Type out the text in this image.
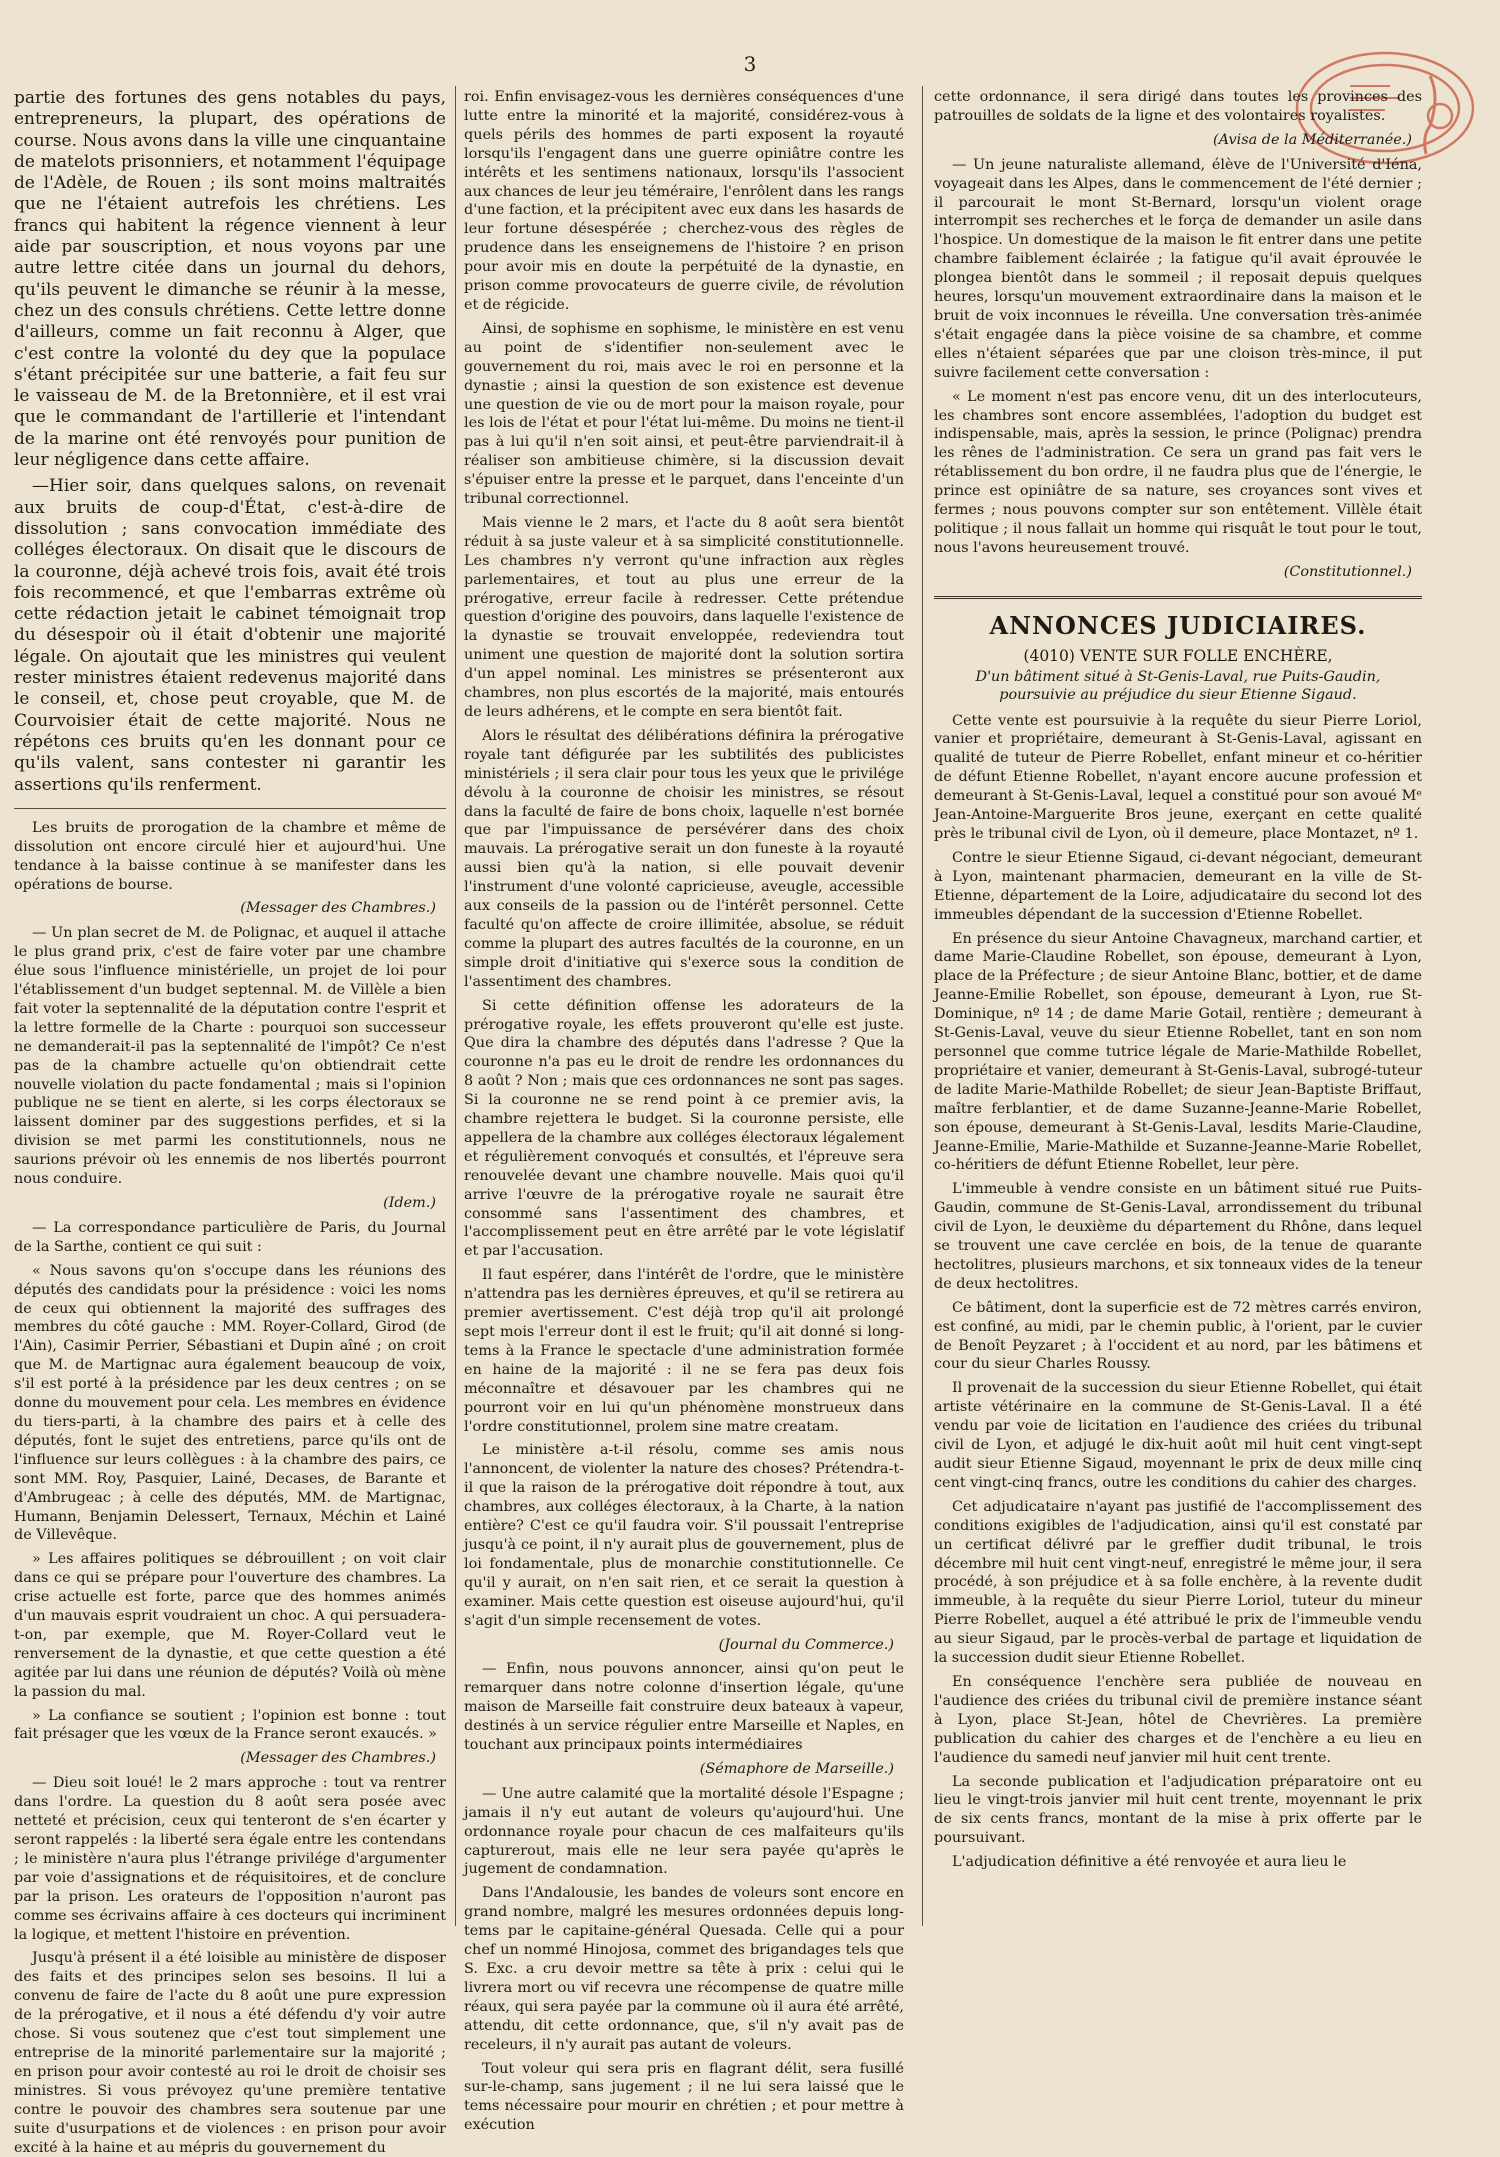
3

partie des fortunes des gens notables du pays, entrepreneurs, la plupart, des opérations de course. Nous avons dans la ville une cinquantaine de matelots prisonniers, et notamment l'équipage de l'Adèle, de Rouen ; ils sont moins maltraités que ne l'étaient autrefois les chrétiens. Les francs qui habitent la régence viennent à leur aide par souscription, et nous voyons par une autre lettre citée dans un journal du dehors, qu'ils peuvent le dimanche se réunir à la messe, chez un des consuls chrétiens. Cette lettre donne d'ailleurs, comme un fait reconnu à Alger, que c'est contre la volonté du dey que la populace s'étant précipitée sur une batterie, a fait feu sur le vaisseau de M. de la Bretonnière, et il est vrai que le commandant de l'artillerie et l'intendant de la marine ont été renvoyés pour punition de leur négligence dans cette affaire.

—Hier soir, dans quelques salons, on revenait aux bruits de coup-d'État, c'est-à-dire de dissolution ; sans convocation immédiate des colléges électoraux. On disait que le discours de la couronne, déjà achevé trois fois, avait été trois fois recommencé, et que l'embarras extrême où cette rédaction jetait le cabinet témoignait trop du désespoir où il était d'obtenir une majorité légale. On ajoutait que les ministres qui veulent rester ministres étaient redevenus majorité dans le conseil, et, chose peut croyable, que M. de Courvoisier était de cette majorité. Nous ne répétons ces bruits qu'en les donnant pour ce qu'ils valent, sans contester ni garantir les assertions qu'ils renferment.

Les bruits de prorogation de la chambre et même de dissolution ont encore circulé hier et aujourd'hui. Une tendance à la baisse continue à se manifester dans les opérations de bourse.

(Messager des Chambres.)

— Un plan secret de M. de Polignac, et auquel il attache le plus grand prix, c'est de faire voter par une chambre élue sous l'influence ministérielle, un projet de loi pour l'établissement d'un budget septennal. M. de Villèle a bien fait voter la septennalité de la députation contre l'esprit et la lettre formelle de la Charte : pourquoi son successeur ne demanderait-il pas la septennalité de l'impôt? Ce n'est pas de la chambre actuelle qu'on obtiendrait cette nouvelle violation du pacte fondamental ; mais si l'opinion publique ne se tient en alerte, si les corps électoraux se laissent dominer par des suggestions perfides, et si la division se met parmi les constitutionnels, nous ne saurions prévoir où les ennemis de nos libertés pourront nous conduire.

(Idem.)

— La correspondance particulière de Paris, du Journal de la Sarthe, contient ce qui suit :

« Nous savons qu'on s'occupe dans les réunions des députés des candidats pour la présidence : voici les noms de ceux qui obtiennent la majorité des suffrages des membres du côté gauche : MM. Royer-Collard, Girod (de l'Ain), Casimir Perrier, Sébastiani et Dupin aîné ; on croit que M. de Martignac aura également beaucoup de voix, s'il est porté à la présidence par les deux centres ; on se donne du mouvement pour cela. Les membres en évidence du tiers-parti, à la chambre des pairs et à celle des députés, font le sujet des entretiens, parce qu'ils ont de l'influence sur leurs collègues : à la chambre des pairs, ce sont MM. Roy, Pasquier, Lainé, Decases, de Barante et d'Ambrugeac ; à celle des députés, MM. de Martignac, Humann, Benjamin Delessert, Ternaux, Méchin et Lainé de Villevêque.

» Les affaires politiques se débrouillent ; on voit clair dans ce qui se prépare pour l'ouverture des chambres. La crise actuelle est forte, parce que des hommes animés d'un mauvais esprit voudraient un choc. A qui persuadera-t-on, par exemple, que M. Royer-Collard veut le renversement de la dynastie, et que cette question a été agitée par lui dans une réunion de députés? Voilà où mène la passion du mal.

» La confiance se soutient ; l'opinion est bonne : tout fait présager que les vœux de la France seront exaucés. »

(Messager des Chambres.)

— Dieu soit loué! le 2 mars approche : tout va rentrer dans l'ordre. La question du 8 août sera posée avec netteté et précision, ceux qui tenteront de s'en écarter y seront rappelés : la liberté sera égale entre les contendans ; le ministère n'aura plus l'étrange privilége d'argumenter par voie d'assignations et de réquisitoires, et de conclure par la prison. Les orateurs de l'opposition n'auront pas comme ses écrivains affaire à ces docteurs qui incriminent la logique, et mettent l'histoire en prévention.

Jusqu'à présent il a été loisible au ministère de disposer des faits et des principes selon ses besoins. Il lui a convenu de faire de l'acte du 8 août une pure expression de la prérogative, et il nous a été défendu d'y voir autre chose. Si vous soutenez que c'est tout simplement une entreprise de la minorité parlementaire sur la majorité ; en prison pour avoir contesté au roi le droit de choisir ses ministres. Si vous prévoyez qu'une première tentative contre le pouvoir des chambres sera soutenue par une suite d'usurpations et de violences : en prison pour avoir excité à la haine et au mépris du gouvernement du

roi. Enfin envisagez-vous les dernières conséquences d'une lutte entre la minorité et la majorité, considérez-vous à quels périls des hommes de parti exposent la royauté lorsqu'ils l'engagent dans une guerre opiniâtre contre les intérêts et les sentimens nationaux, lorsqu'ils l'associent aux chances de leur jeu téméraire, l'enrôlent dans les rangs d'une faction, et la précipitent avec eux dans les hasards de leur fortune désespérée ; cherchez-vous des règles de prudence dans les enseignemens de l'histoire ? en prison pour avoir mis en doute la perpétuité de la dynastie, en prison comme provocateurs de guerre civile, de révolution et de régicide.

Ainsi, de sophisme en sophisme, le ministère en est venu au point de s'identifier non-seulement avec le gouvernement du roi, mais avec le roi en personne et la dynastie ; ainsi la question de son existence est devenue une question de vie ou de mort pour la maison royale, pour les lois de l'état et pour l'état lui-même. Du moins ne tient-il pas à lui qu'il n'en soit ainsi, et peut-être parviendrait-il à réaliser son ambitieuse chimère, si la discussion devait s'épuiser entre la presse et le parquet, dans l'enceinte d'un tribunal correctionnel.

Mais vienne le 2 mars, et l'acte du 8 août sera bientôt réduit à sa juste valeur et à sa simplicité constitutionnelle. Les chambres n'y verront qu'une infraction aux règles parlementaires, et tout au plus une erreur de la prérogative, erreur facile à redresser. Cette prétendue question d'origine des pouvoirs, dans laquelle l'existence de la dynastie se trouvait enveloppée, redeviendra tout uniment une question de majorité dont la solution sortira d'un appel nominal. Les ministres se présenteront aux chambres, non plus escortés de la majorité, mais entourés de leurs adhérens, et le compte en sera bientôt fait.

Alors le résultat des délibérations définira la prérogative royale tant défigurée par les subtilités des publicistes ministériels ; il sera clair pour tous les yeux que le privilége dévolu à la couronne de choisir les ministres, se résout dans la faculté de faire de bons choix, laquelle n'est bornée que par l'impuissance de persévérer dans des choix mauvais. La prérogative serait un don funeste à la royauté aussi bien qu'à la nation, si elle pouvait devenir l'instrument d'une volonté capricieuse, aveugle, accessible aux conseils de la passion ou de l'intérêt personnel. Cette faculté qu'on affecte de croire illimitée, absolue, se réduit comme la plupart des autres facultés de la couronne, en un simple droit d'initiative qui s'exerce sous la condition de l'assentiment des chambres.

Si cette définition offense les adorateurs de la prérogative royale, les effets prouveront qu'elle est juste. Que dira la chambre des députés dans l'adresse ? Que la couronne n'a pas eu le droit de rendre les ordonnances du 8 août ? Non ; mais que ces ordonnances ne sont pas sages. Si la couronne ne se rend point à ce premier avis, la chambre rejettera le budget. Si la couronne persiste, elle appellera de la chambre aux colléges électoraux légalement et régulièrement convoqués et consultés, et l'épreuve sera renouvelée devant une chambre nouvelle. Mais quoi qu'il arrive l'œuvre de la prérogative royale ne saurait être consommé sans l'assentiment des chambres, et l'accomplissement peut en être arrêté par le vote législatif et par l'accusation.

Il faut espérer, dans l'intérêt de l'ordre, que le ministère n'attendra pas les dernières épreuves, et qu'il se retirera au premier avertissement. C'est déjà trop qu'il ait prolongé sept mois l'erreur dont il est le fruit; qu'il ait donné si long-tems à la France le spectacle d'une administration formée en haine de la majorité : il ne se fera pas deux fois méconnaître et désavouer par les chambres qui ne pourront voir en lui qu'un phénomène monstrueux dans l'ordre constitutionnel, prolem sine matre creatam.

Le ministère a-t-il résolu, comme ses amis nous l'annoncent, de violenter la nature des choses? Prétendra-t-il que la raison de la prérogative doit répondre à tout, aux chambres, aux colléges électoraux, à la Charte, à la nation entière? C'est ce qu'il faudra voir. S'il poussait l'entreprise jusqu'à ce point, il n'y aurait plus de gouvernement, plus de loi fondamentale, plus de monarchie constitutionnelle. Ce qu'il y aurait, on n'en sait rien, et ce serait la question à examiner. Mais cette question est oiseuse aujourd'hui, qu'il s'agit d'un simple recensement de votes.

(Journal du Commerce.)

— Enfin, nous pouvons annoncer, ainsi qu'on peut le remarquer dans notre colonne d'insertion légale, qu'une maison de Marseille fait construire deux bateaux à vapeur, destinés à un service régulier entre Marseille et Naples, en touchant aux principaux points intermédiaires

(Sémaphore de Marseille.)

— Une autre calamité que la mortalité désole l'Espagne ; jamais il n'y eut autant de voleurs qu'aujourd'hui. Une ordonnance royale pour chacun de ces malfaiteurs qu'ils capturerout, mais elle ne leur sera payée qu'après le jugement de condamnation.

Dans l'Andalousie, les bandes de voleurs sont encore en grand nombre, malgré les mesures ordonnées depuis long-tems par le capitaine-général Quesada. Celle qui a pour chef un nommé Hinojosa, commet des brigandages tels que S. Exc. a cru devoir mettre sa tête à prix : celui qui le livrera mort ou vif recevra une récompense de quatre mille réaux, qui sera payée par la commune où il aura été arrêté, attendu, dit cette ordonnance, que, s'il n'y avait pas de receleurs, il n'y aurait pas autant de voleurs.

Tout voleur qui sera pris en flagrant délit, sera fusillé sur-le-champ, sans jugement ; il ne lui sera laissé que le tems nécessaire pour mourir en chrétien ; et pour mettre à exécution

cette ordonnance, il sera dirigé dans toutes les provinces des patrouilles de soldats de la ligne et des volontaires royalistes.

(Avisa de la Méditerranée.)

— Un jeune naturaliste allemand, élève de l'Université d'Iéna, voyageait dans les Alpes, dans le commencement de l'été dernier ; il parcourait le mont St-Bernard, lorsqu'un violent orage interrompit ses recherches et le força de demander un asile dans l'hospice. Un domestique de la maison le fit entrer dans une petite chambre faiblement éclairée ; la fatigue qu'il avait éprouvée le plongea bientôt dans le sommeil ; il reposait depuis quelques heures, lorsqu'un mouvement extraordinaire dans la maison et le bruit de voix inconnues le réveilla. Une conversation très-animée s'était engagée dans la pièce voisine de sa chambre, et comme elles n'étaient séparées que par une cloison très-mince, il put suivre facilement cette conversation :

« Le moment n'est pas encore venu, dit un des interlocuteurs, les chambres sont encore assemblées, l'adoption du budget est indispensable, mais, après la session, le prince (Polignac) prendra les rênes de l'administration. Ce sera un grand pas fait vers le rétablissement du bon ordre, il ne faudra plus que de l'énergie, le prince est opiniâtre de sa nature, ses croyances sont vives et fermes ; nous pouvons compter sur son entêtement. Villèle était politique ; il nous fallait un homme qui risquât le tout pour le tout, nous l'avons heureusement trouvé.

(Constitutionnel.)
ANNONCES JUDICIAIRES.
(4010) VENTE SUR FOLLE ENCHÈRE,
D'un bâtiment situé à St-Genis-Laval, rue Puits-Gaudin, poursuivie au préjudice du sieur Etienne Sigaud.

Cette vente est poursuivie à la requête du sieur Pierre Loriol, vanier et propriétaire, demeurant à St-Genis-Laval, agissant en qualité de tuteur de Pierre Robellet, enfant mineur et co-héritier de défunt Etienne Robellet, n'ayant encore aucune profession et demeurant à St-Genis-Laval, lequel a constitué pour son avoué Mᵉ Jean-Antoine-Marguerite Bros jeune, exerçant en cette qualité près le tribunal civil de Lyon, où il demeure, place Montazet, nº 1.

Contre le sieur Etienne Sigaud, ci-devant négociant, demeurant à Lyon, maintenant pharmacien, demeurant en la ville de St-Etienne, département de la Loire, adjudicataire du second lot des immeubles dépendant de la succession d'Etienne Robellet.

En présence du sieur Antoine Chavagneux, marchand cartier, et dame Marie-Claudine Robellet, son épouse, demeurant à Lyon, place de la Préfecture ; de sieur Antoine Blanc, bottier, et de dame Jeanne-Emilie Robellet, son épouse, demeurant à Lyon, rue St-Dominique, nº 14 ; de dame Marie Gotail, rentière ; demeurant à St-Genis-Laval, veuve du sieur Etienne Robellet, tant en son nom personnel que comme tutrice légale de Marie-Mathilde Robellet, propriétaire et vanier, demeurant à St-Genis-Laval, subrogé-tuteur de ladite Marie-Mathilde Robellet; de sieur Jean-Baptiste Briffaut, maître ferblantier, et de dame Suzanne-Jeanne-Marie Robellet, son épouse, demeurant à St-Genis-Laval, lesdits Marie-Claudine, Jeanne-Emilie, Marie-Mathilde et Suzanne-Jeanne-Marie Robellet, co-héritiers de défunt Etienne Robellet, leur père.

L'immeuble à vendre consiste en un bâtiment situé rue Puits-Gaudin, commune de St-Genis-Laval, arrondissement du tribunal civil de Lyon, le deuxième du département du Rhône, dans lequel se trouvent une cave cerclée en bois, de la tenue de quarante hectolitres, plusieurs marchons, et six tonneaux vides de la teneur de deux hectolitres.

Ce bâtiment, dont la superficie est de 72 mètres carrés environ, est confiné, au midi, par le chemin public, à l'orient, par le cuvier de Benoît Peyzaret ; à l'occident et au nord, par les bâtimens et cour du sieur Charles Roussy.

Il provenait de la succession du sieur Etienne Robellet, qui était artiste vétérinaire en la commune de St-Genis-Laval. Il a été vendu par voie de licitation en l'audience des criées du tribunal civil de Lyon, et adjugé le dix-huit août mil huit cent vingt-sept audit sieur Etienne Sigaud, moyennant le prix de deux mille cinq cent vingt-cinq francs, outre les conditions du cahier des charges.

Cet adjudicataire n'ayant pas justifié de l'accomplissement des conditions exigibles de l'adjudication, ainsi qu'il est constaté par un certificat délivré par le greffier dudit tribunal, le trois décembre mil huit cent vingt-neuf, enregistré le même jour, il sera procédé, à son préjudice et à sa folle enchère, à la revente dudit immeuble, à la requête du sieur Pierre Loriol, tuteur du mineur Pierre Robellet, auquel a été attribué le prix de l'immeuble vendu au sieur Sigaud, par le procès-verbal de partage et liquidation de la succession dudit sieur Etienne Robellet.

En conséquence l'enchère sera publiée de nouveau en l'audience des criées du tribunal civil de première instance séant à Lyon, place St-Jean, hôtel de Chevrières. La première publication du cahier des charges et de l'enchère a eu lieu en l'audience du samedi neuf janvier mil huit cent trente.

La seconde publication et l'adjudication préparatoire ont eu lieu le vingt-trois janvier mil huit cent trente, moyennant le prix de six cents francs, montant de la mise à prix offerte par le poursuivant.

L'adjudication définitive a été renvoyée et aura lieu le
